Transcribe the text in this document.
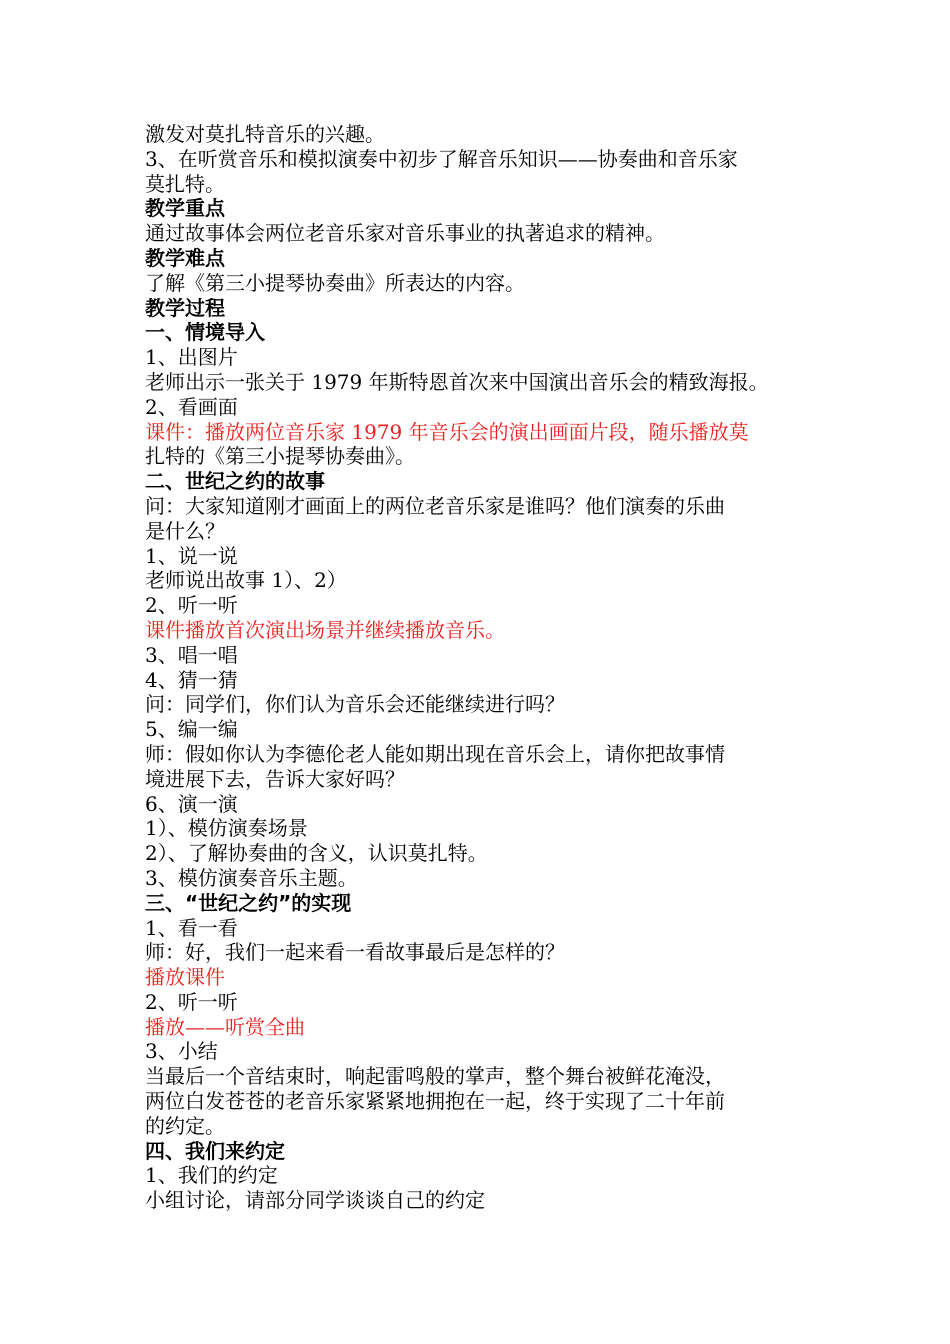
激发对莫扎特音乐的兴趣。
3、在听赏音乐和模拟演奏中初步了解音乐知识——协奏曲和音乐家
莫扎特。
教学重点
通过故事体会两位老音乐家对音乐事业的执著追求的精神。
教学难点
了解《第三小提琴协奏曲》所表达的内容。
教学过程
一、情境导入
1、出图片
老师出示一张关于 1979 年斯特恩首次来中国演出音乐会的精致海报。
2、看画面
课件：播放两位音乐家 1979 年音乐会的演出画面片段，随乐播放莫
扎特的《第三小提琴协奏曲》。
二、世纪之约的故事
问：大家知道刚才画面上的两位老音乐家是谁吗？他们演奏的乐曲
是什么？
1、说一说
老师说出故事 1）、2）
2、听一听
课件播放首次演出场景并继续播放音乐。
3、唱一唱
4、猜一猜
问：同学们，你们认为音乐会还能继续进行吗？
5、编一编
师：假如你认为李德伦老人能如期出现在音乐会上，请你把故事情
境进展下去，告诉大家好吗？
6、演一演
1）、模仿演奏场景
2）、了解协奏曲的含义，认识莫扎特。
3、模仿演奏音乐主题。
三、“世纪之约”的实现
1、看一看
师：好，我们一起来看一看故事最后是怎样的？
播放课件
2、听一听
播放——听赏全曲
3、小结
当最后一个音结束时，响起雷鸣般的掌声，整个舞台被鲜花淹没，
两位白发苍苍的老音乐家紧紧地拥抱在一起，终于实现了二十年前
的约定。
四、我们来约定
1、我们的约定
小组讨论，请部分同学谈谈自己的约定
